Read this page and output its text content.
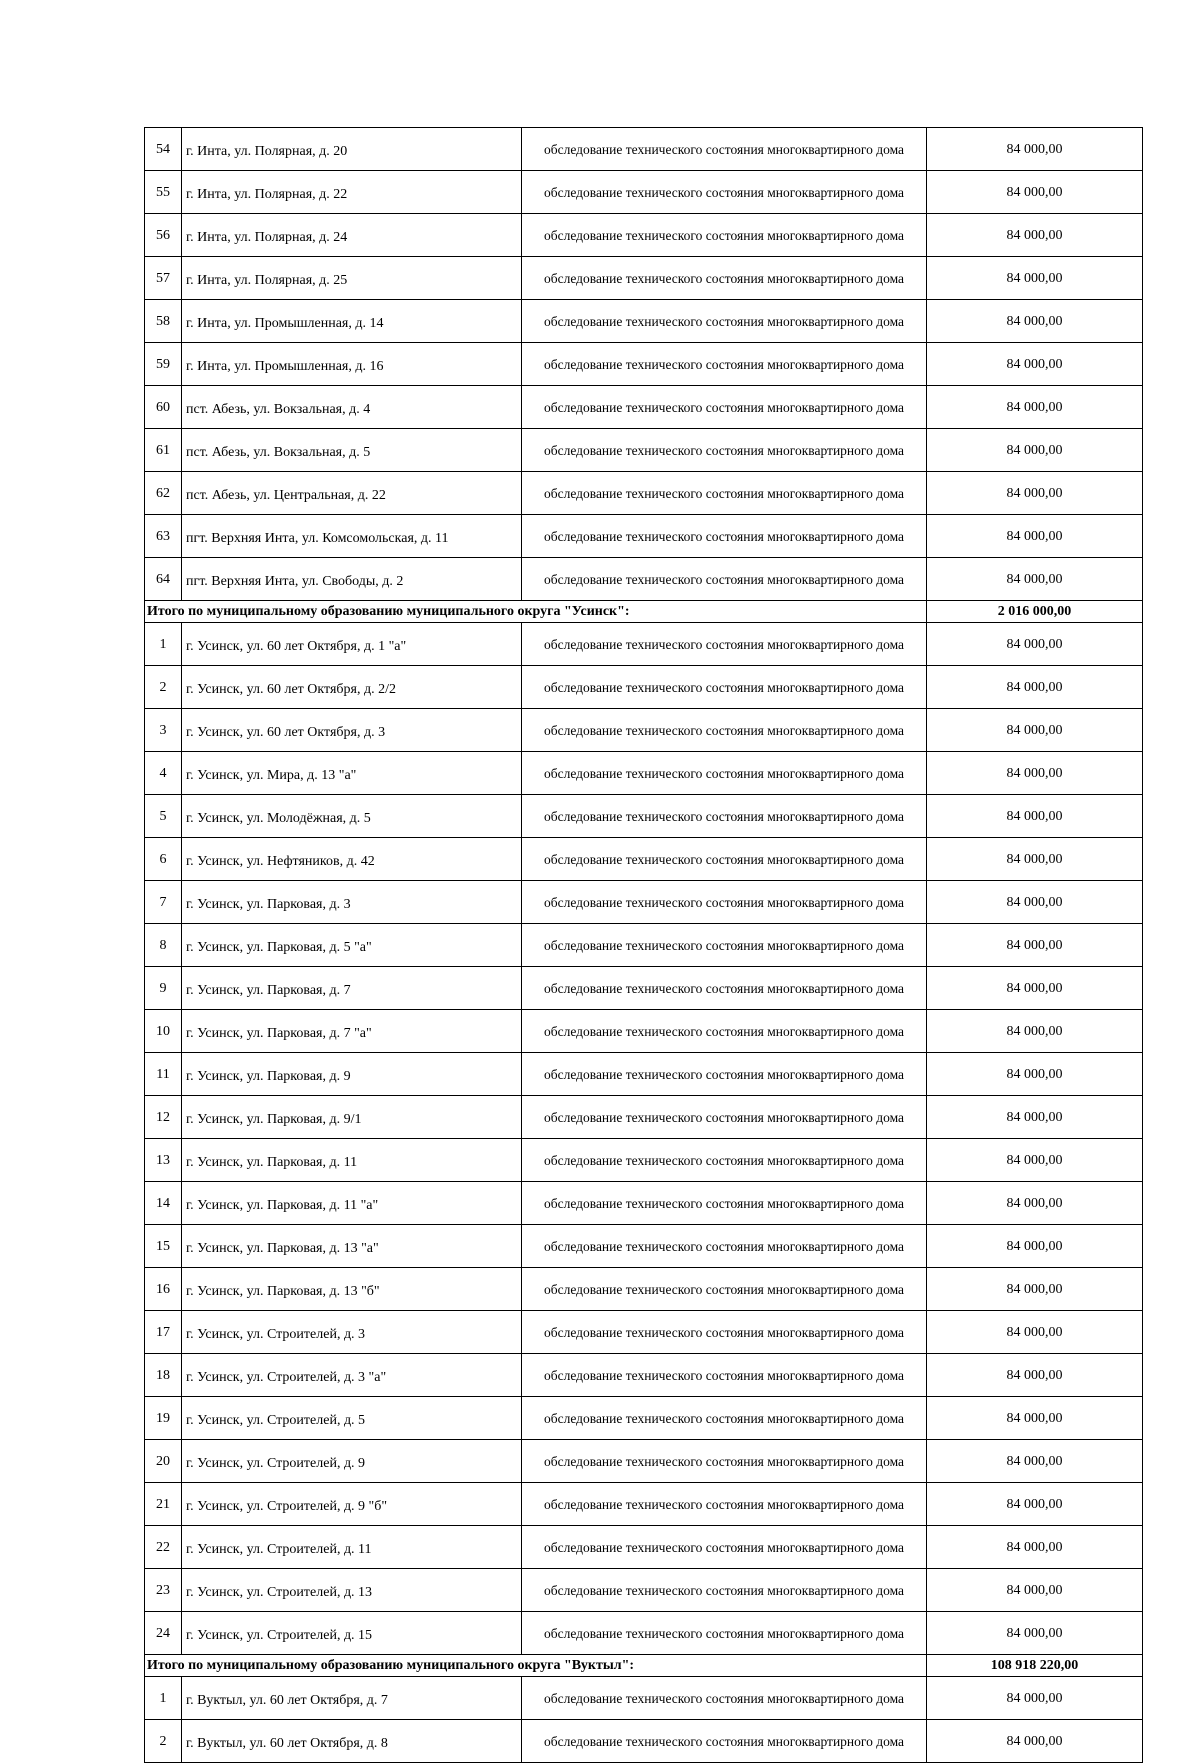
54	г. Инта, ул. Полярная, д. 20	обследование технического состояния многоквартирного дома	84 000,00
55	г. Инта, ул. Полярная, д. 22	обследование технического состояния многоквартирного дома	84 000,00
56	г. Инта, ул. Полярная, д. 24	обследование технического состояния многоквартирного дома	84 000,00
57	г. Инта, ул. Полярная, д. 25	обследование технического состояния многоквартирного дома	84 000,00
58	г. Инта, ул. Промышленная, д. 14	обследование технического состояния многоквартирного дома	84 000,00
59	г. Инта, ул. Промышленная, д. 16	обследование технического состояния многоквартирного дома	84 000,00
60	пст. Абезь, ул. Вокзальная, д. 4	обследование технического состояния многоквартирного дома	84 000,00
61	пст. Абезь, ул. Вокзальная, д. 5	обследование технического состояния многоквартирного дома	84 000,00
62	пст. Абезь, ул. Центральная, д. 22	обследование технического состояния многоквартирного дома	84 000,00
63	пгт. Верхняя Инта, ул. Комсомольская, д. 11	обследование технического состояния многоквартирного дома	84 000,00
64	пгт. Верхняя Инта, ул. Свободы, д. 2	обследование технического состояния многоквартирного дома	84 000,00
Итого по муниципальному образованию муниципального округа "Усинск":			2 016 000,00
1	г. Усинск, ул. 60 лет Октября, д. 1 "а"	обследование технического состояния многоквартирного дома	84 000,00
2	г. Усинск, ул. 60 лет Октября, д. 2/2	обследование технического состояния многоквартирного дома	84 000,00
3	г. Усинск, ул. 60 лет Октября, д. 3	обследование технического состояния многоквартирного дома	84 000,00
4	г. Усинск, ул. Мира, д. 13 "а"	обследование технического состояния многоквартирного дома	84 000,00
5	г. Усинск, ул. Молодёжная, д. 5	обследование технического состояния многоквартирного дома	84 000,00
6	г. Усинск, ул. Нефтяников, д. 42	обследование технического состояния многоквартирного дома	84 000,00
7	г. Усинск, ул. Парковая, д. 3	обследование технического состояния многоквартирного дома	84 000,00
8	г. Усинск, ул. Парковая, д. 5 "а"	обследование технического состояния многоквартирного дома	84 000,00
9	г. Усинск, ул. Парковая, д. 7	обследование технического состояния многоквартирного дома	84 000,00
10	г. Усинск, ул. Парковая, д. 7 "а"	обследование технического состояния многоквартирного дома	84 000,00
11	г. Усинск, ул. Парковая, д. 9	обследование технического состояния многоквартирного дома	84 000,00
12	г. Усинск, ул. Парковая, д. 9/1	обследование технического состояния многоквартирного дома	84 000,00
13	г. Усинск, ул. Парковая, д. 11	обследование технического состояния многоквартирного дома	84 000,00
14	г. Усинск, ул. Парковая, д. 11 "а"	обследование технического состояния многоквартирного дома	84 000,00
15	г. Усинск, ул. Парковая, д. 13 "а"	обследование технического состояния многоквартирного дома	84 000,00
16	г. Усинск, ул. Парковая, д. 13 "б"	обследование технического состояния многоквартирного дома	84 000,00
17	г. Усинск, ул. Строителей, д. 3	обследование технического состояния многоквартирного дома	84 000,00
18	г. Усинск, ул. Строителей, д. 3 "а"	обследование технического состояния многоквартирного дома	84 000,00
19	г. Усинск, ул. Строителей, д. 5	обследование технического состояния многоквартирного дома	84 000,00
20	г. Усинск, ул. Строителей, д. 9	обследование технического состояния многоквартирного дома	84 000,00
21	г. Усинск, ул. Строителей, д. 9 "б"	обследование технического состояния многоквартирного дома	84 000,00
22	г. Усинск, ул. Строителей, д. 11	обследование технического состояния многоквартирного дома	84 000,00
23	г. Усинск, ул. Строителей, д. 13	обследование технического состояния многоквартирного дома	84 000,00
24	г. Усинск, ул. Строителей, д. 15	обследование технического состояния многоквартирного дома	84 000,00
Итого по муниципальному образованию муниципального округа "Вуктыл":			108 918 220,00
1	г. Вуктыл, ул. 60 лет Октября, д. 7	обследование технического состояния многоквартирного дома	84 000,00
2	г. Вуктыл, ул. 60 лет Октября, д. 8	обследование технического состояния многоквартирного дома	84 000,00
